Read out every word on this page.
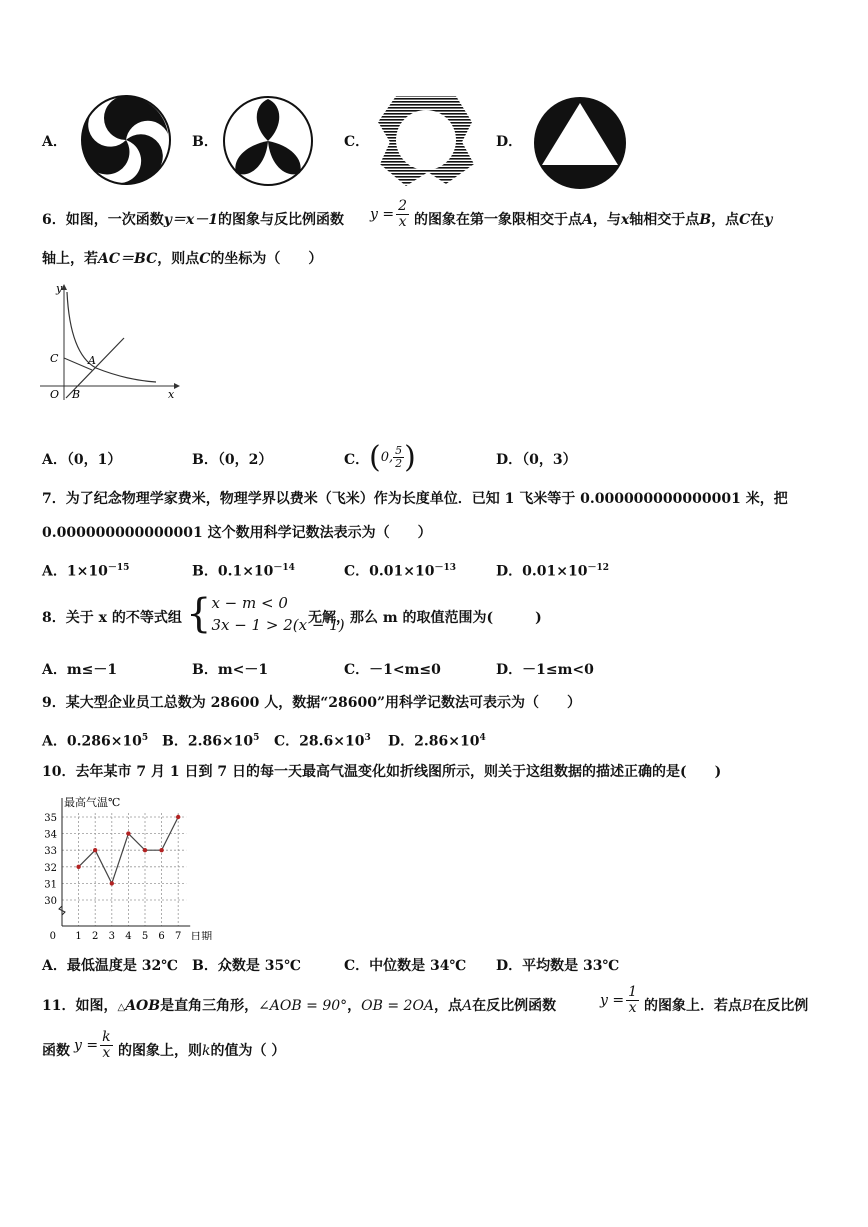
A．	B．	C．	D．
6．如图，一次函数y＝x－1的图象与反比例函数 $y = \frac{2}{x}$ 的图象在第一象限相交于点A，与x轴相交于点B，点C在y
轴上，若AC＝BC，则点C的坐标为（　　）
y
x
O B
C	A
A．（0，1）	B．（0，2）	C． (0, $\frac{5}{2}$ )	D．（0，3）
7．为了纪念物理学家费米，物理学界以费米（飞米）作为长度单位．已知 1 飞米等于 0.000000000000001 米，把
0.000000000000001 这个数用科学记数法表示为（　　）
A．$1\times 10^{-15}$	B．$0.1\times 10^{-14}$	C．$0.01\times 10^{-13}$	D．$0.01\times 10^{-12}$
8．关于 x 的不等式组 { x − m < 0
3x − 1 > 2(x − 1)
无解，那么 m 的取值范围为(　　　)
A．m≤－1	B．m<－1	C．－1<m≤0	D．－1≤m<0
9．某大型企业员工总数为 28600 人，数据“28600”用科学记数法可表示为（　　）
A．$0.286\times 10^5$ B．$2.86\times 10^5$ C．$28.6\times 10^3$ D．$2.86\times 10^4$
10．去年某市 7 月 1 日到 7 日的每一天最高气温变化如折线图所示，则关于这组数据的描述正确的是(　　)
30
31
32
33
34
35
1 2 3 4 5 6 7
0
最高气温℃
日期
A．最低温度是 32℃ B．众数是 35℃	C．中位数是 34℃ D．平均数是 33℃
11．如图，△AOB是直角三角形，∠AOB = 90°，OB = 2OA，点A在反比例函数	$y = \frac{1}{x}$ 的图象上．若点B在反比例
函数 $y = \frac{k}{x}$ 的图象上，则k的值为（ ）
